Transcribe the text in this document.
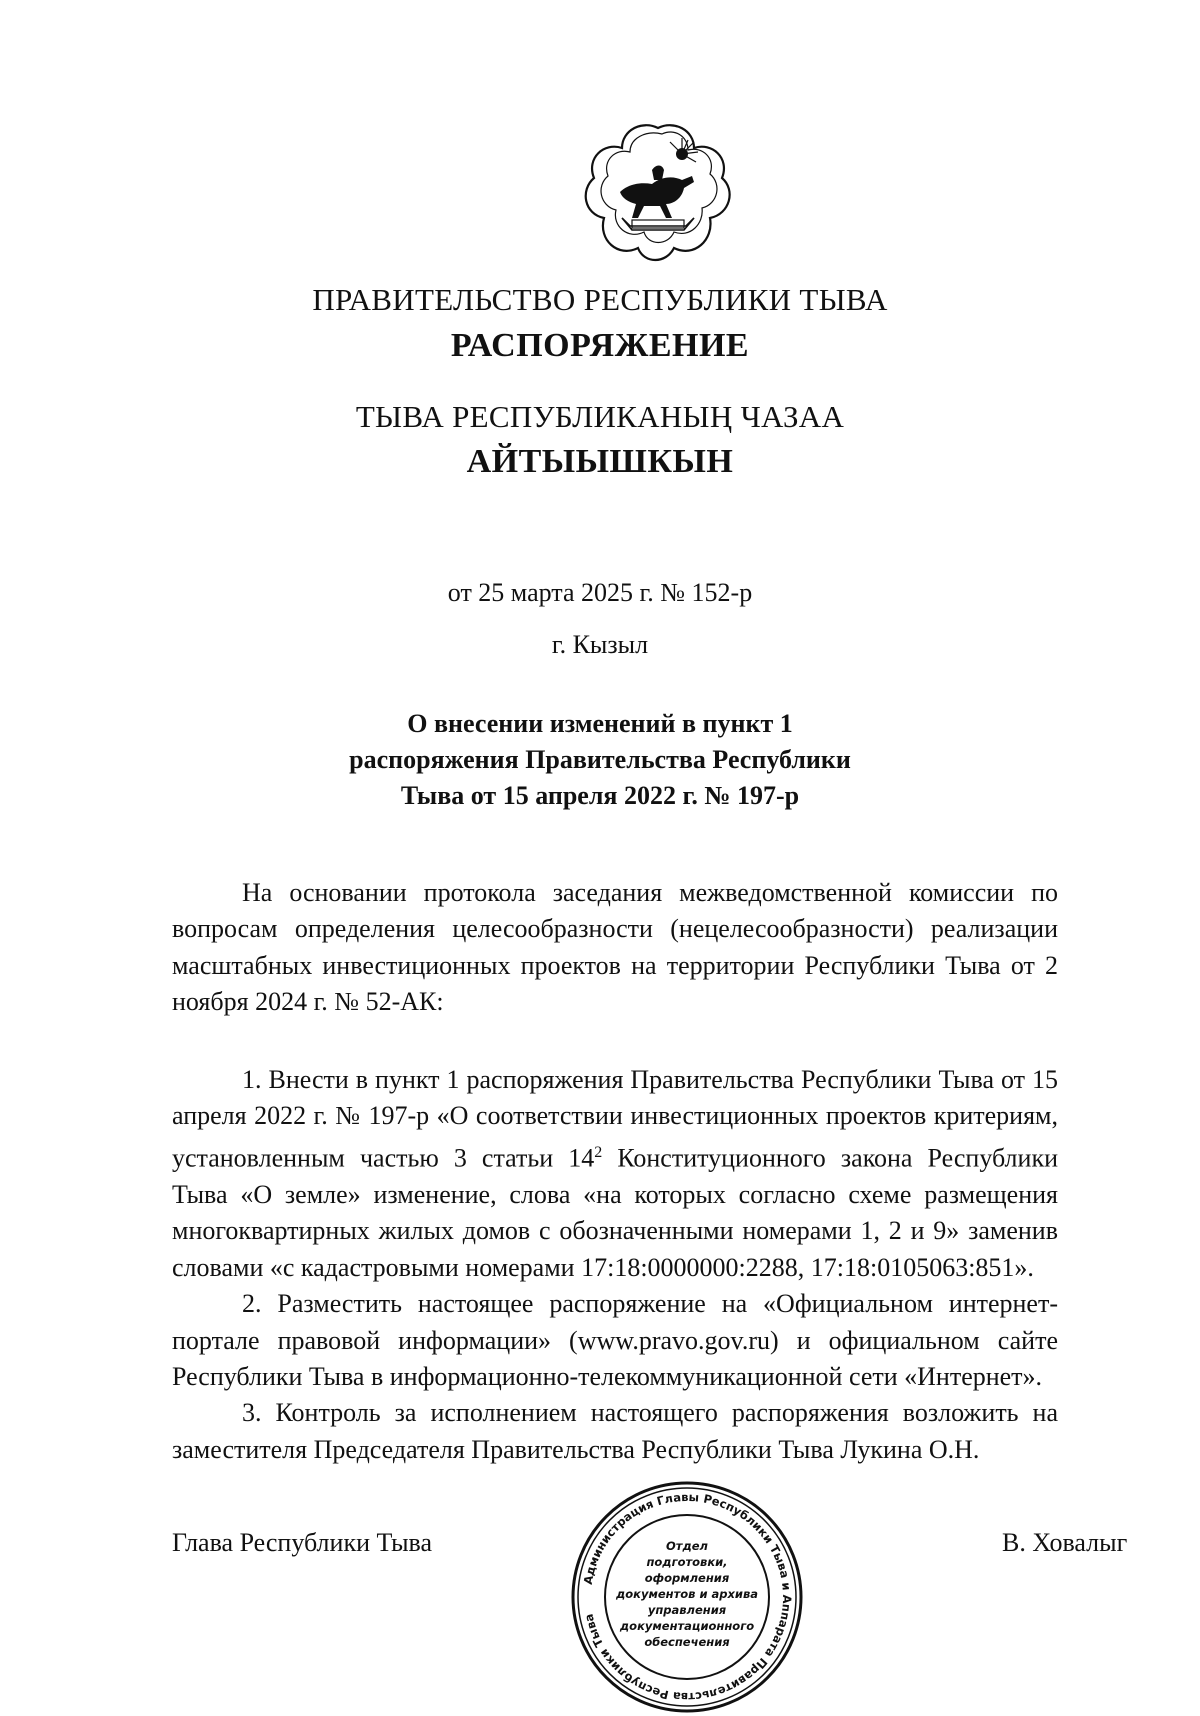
ПРАВИТЕЛЬСТВО РЕСПУБЛИКИ ТЫВА
РАСПОРЯЖЕНИЕ
ТЫВА РЕСПУБЛИКАНЫҢ ЧАЗАА
АЙТЫЫШКЫН
от 25 марта 2025 г. № 152-р
г. Кызыл
О внесении изменений в пункт 1
распоряжения Правительства Республики
Тыва от 15 апреля 2022 г. № 197-р

На основании протокола заседания межведомственной комиссии по вопросам определения целесообразности (нецелесообразности) реализации масштабных инвестиционных проектов на территории Республики Тыва от 2 ноября 2024 г. № 52-АК:

1. Внести в пункт 1 распоряжения Правительства Республики Тыва от 15 апреля 2022 г. № 197-р «О соответствии инвестиционных проектов критериям, установленным частью 3 статьи $14^2$ Конституционного закона Республики Тыва «О земле» изменение, слова «на которых согласно схеме размещения многоквартирных жилых домов с обозначенными номерами 1, 2 и 9» заменив словами «с кадастровыми номерами 17:18:0000000:2288, 17:18:0105063:851».

2. Разместить настоящее распоряжение на «Официальном интернет-портале правовой информации» (www.pravo.gov.ru) и официальном сайте Республики Тыва в информационно-телекоммуникационной сети «Интернет».

3. Контроль за исполнением настоящего распоряжения возложить на заместителя Председателя Правительства Республики Тыва Лукина О.Н.

Глава Республики Тыва	В. Ховалыг
Администрация Главы Республики Тыва и Аппарата Правительства Республики Тыва
Отдел
подготовки,
оформления
документов и архива
управления
документационного
обеспечения
